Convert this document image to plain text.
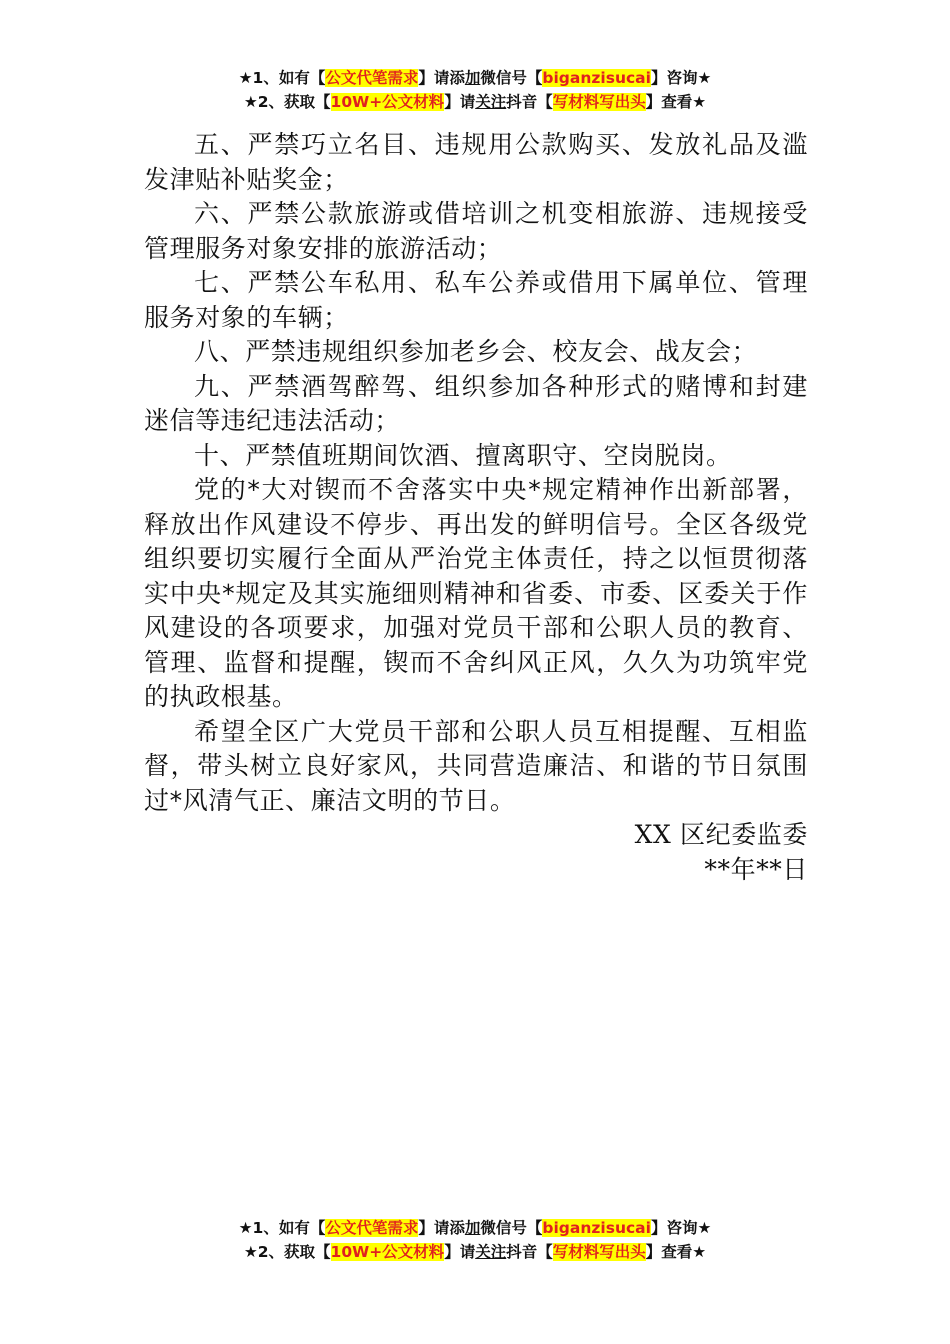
★1、如有【公文代笔需求】请添加微信号【biganzisucai】咨询★
★2、获取【10W+公文材料】请关注抖音【写材料写出头】查看★

五、严禁巧立名目、违规用公款购买、发放礼品及滥发津贴补贴奖金；

六、严禁公款旅游或借培训之机变相旅游、违规接受管理服务对象安排的旅游活动；

七、严禁公车私用、私车公养或借用下属单位、管理服务对象的车辆；

八、严禁违规组织参加老乡会、校友会、战友会；

九、严禁酒驾醉驾、组织参加各种形式的赌博和封建迷信等违纪违法活动；

十、严禁值班期间饮酒、擅离职守、空岗脱岗。

党的*大对锲而不舍落实中央*规定精神作出新部署，释放出作风建设不停步、再出发的鲜明信号。全区各级党组织要切实履行全面从严治党主体责任，持之以恒贯彻落实中央*规定及其实施细则精神和省委、市委、区委关于作风建设的各项要求，加强对党员干部和公职人员的教育、管理、监督和提醒，锲而不舍纠风正风，久久为功筑牢党的执政根基。

希望全区广大党员干部和公职人员互相提醒、互相监督，带头树立良好家风，共同营造廉洁、和谐的节日氛围过*风清气正、廉洁文明的节日。

XX 区纪委监委

**年**日

★1、如有【公文代笔需求】请添加微信号【biganzisucai】咨询★
★2、获取【10W+公文材料】请关注抖音【写材料写出头】查看★
